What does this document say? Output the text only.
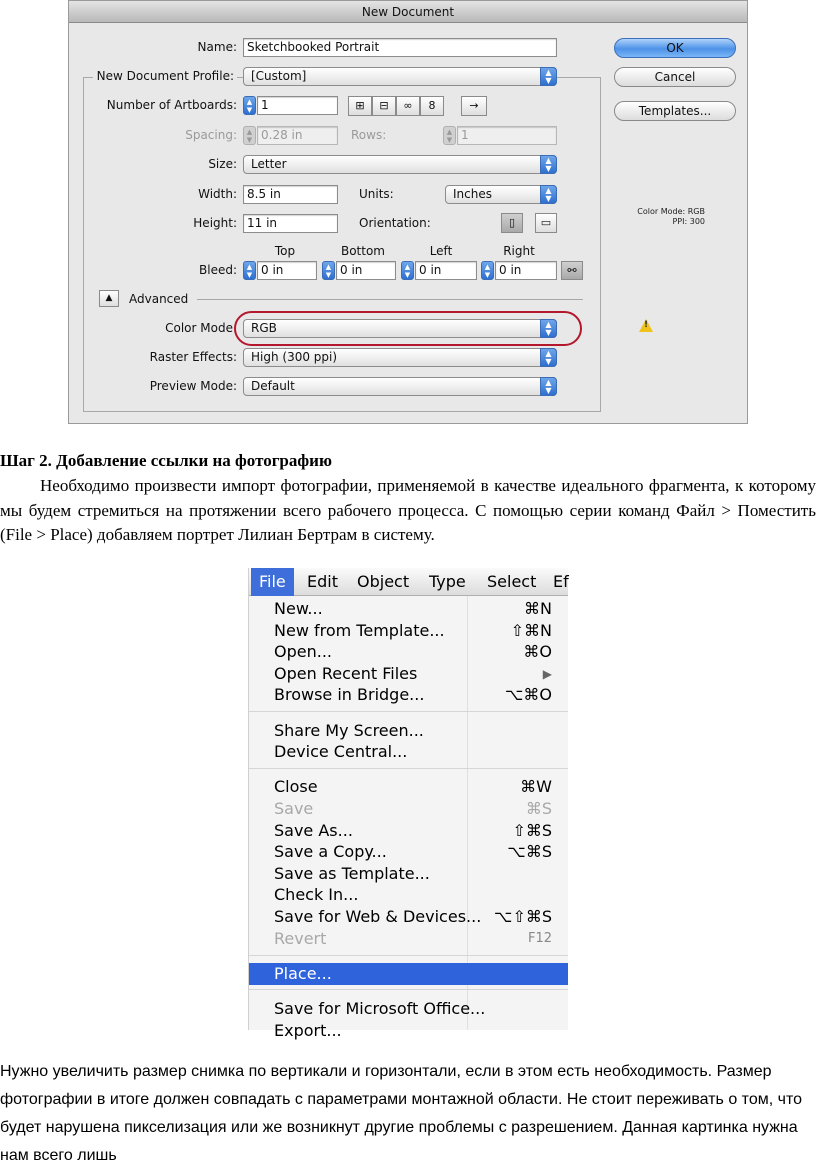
New Document
Name: Sketchbooked Portrait
New Document Profile:	[Custom]	▲
▼
Number of Artboards:	▲
▼ 1	⊞	⊟	∞	8	→
Spacing:	▲
▼ 0.28 in	Rows:	▲
▼ 1
Size:	Letter	▲
▼
Width: 8.5 in	Units:	Inches	▲
▼
Height: 11 in	Orientation:	▯	▭
Top	Bottom	Left	Right
Bleed:	▲
▼ 0 in	▲
▼ 0 in	▲
▼ 0 in	▲
▼ 0 in	⚯
▲	Advanced
Color Mode:	RGB	▲
▼
Raster Effects:	High (300 ppi)	▲
▼
Preview Mode:	Default	▲
▼
OK
Cancel
Templates...
Color Mode: RGB
PPI: 300
!
Шаг 2. Добавление ссылки на фотографию
Необходимо произвести импорт фотографии, применяемой в качестве идеального фрагмента, к которому мы будем стремиться на протяжении всего рабочего процесса. С помощью серии команд Файл > Поместить (File > Place) добавляем портрет Лилиан Бертрам в систему.
File	Edit	Object	Type	Select	Ef
New...	⌘N
New from Template...	⇧⌘N
Open...	⌘O
Open Recent Files	▶
Browse in Bridge...	⌥⌘O
Share My Screen...
Device Central...
Close	⌘W
Save	⌘S
Save As...	⇧⌘S
Save a Copy...	⌥⌘S
Save as Template...
Check In...
Save for Web & Devices... ⌥⇧⌘S
Revert	F12
Place...
Save for Microsoft Office...
Export...
Нужно увеличить размер снимка по вертикали и горизонтали, если в этом есть необходимость. Размер фотографии в итоге должен совпадать с параметрами монтажной области. Не стоит переживать о том, что будет нарушена пикселизация или же возникнут другие проблемы с разрешением. Данная картинка нужна нам всего лишь
